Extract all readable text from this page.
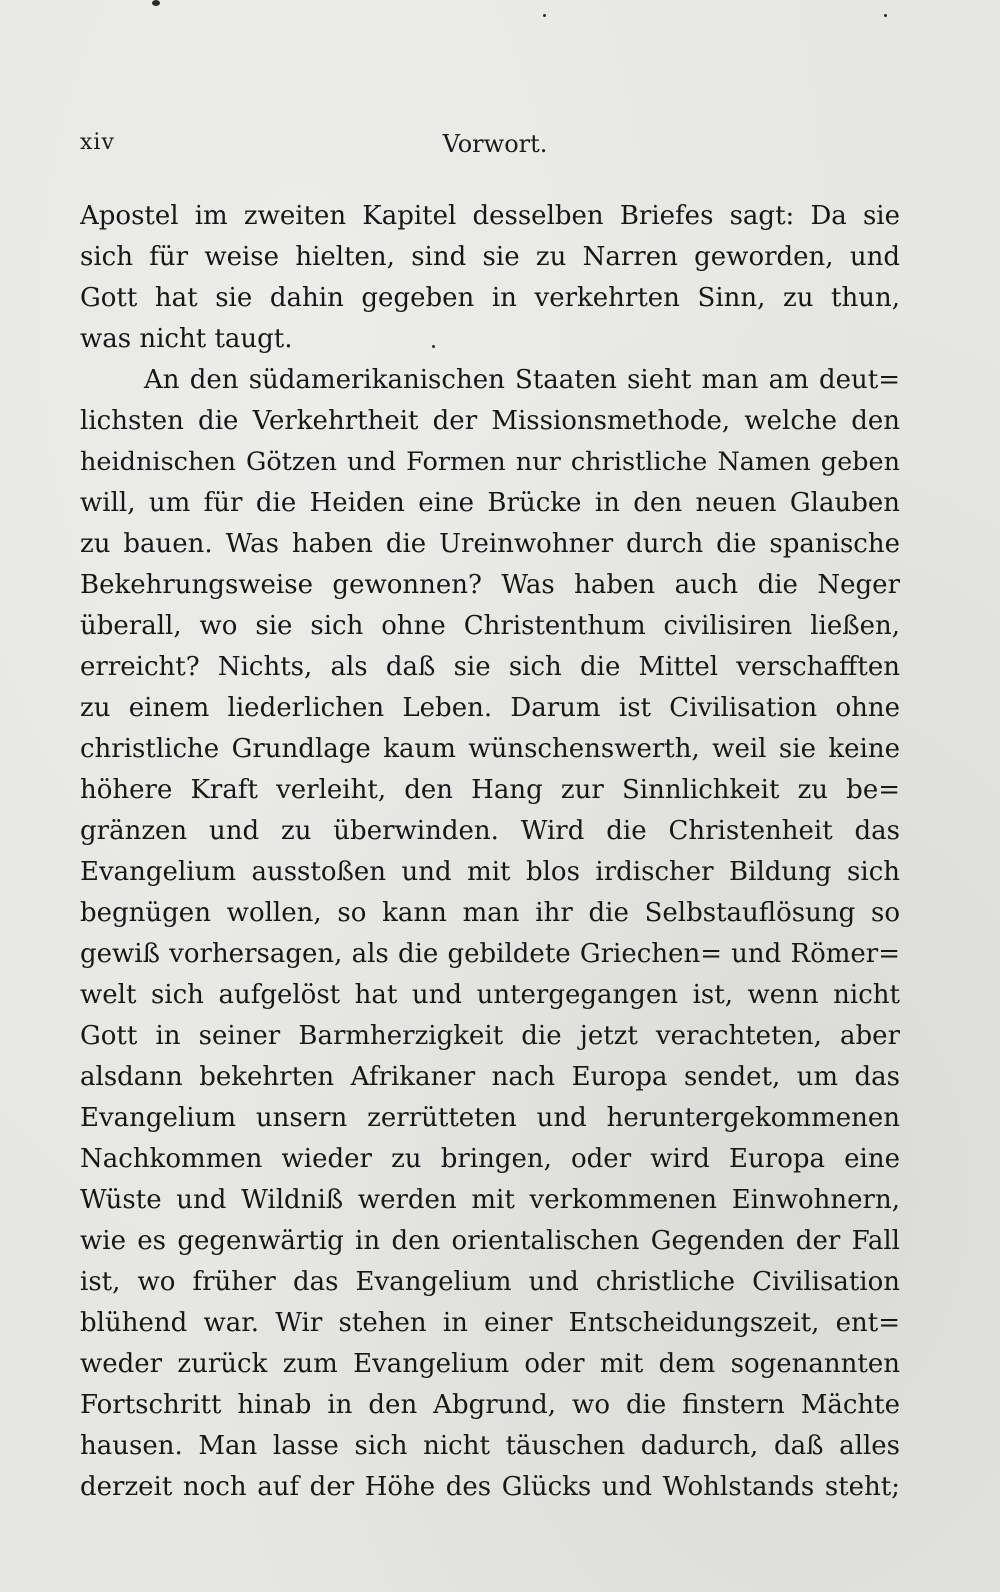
xiv	Vorwort.
Apostel im zweiten Kapitel desselben Briefes sagt: Da sie
sich für weise hielten, sind sie zu Narren geworden, und
Gott hat sie dahin gegeben in verkehrten Sinn, zu thun,
was nicht taugt.
An den südamerikanischen Staaten sieht man am deut=
lichsten die Verkehrtheit der Missionsmethode, welche den
heidnischen Götzen und Formen nur christliche Namen geben
will, um für die Heiden eine Brücke in den neuen Glauben
zu bauen. Was haben die Ureinwohner durch die spanische
Bekehrungsweise gewonnen? Was haben auch die Neger
überall, wo sie sich ohne Christenthum civilisiren ließen,
erreicht? Nichts, als daß sie sich die Mittel verschafften
zu einem liederlichen Leben. Darum ist Civilisation ohne
christliche Grundlage kaum wünschenswerth, weil sie keine
höhere Kraft verleiht, den Hang zur Sinnlichkeit zu be=
gränzen und zu überwinden. Wird die Christenheit das
Evangelium ausstoßen und mit blos irdischer Bildung sich
begnügen wollen, so kann man ihr die Selbstauflösung so
gewiß vorhersagen, als die gebildete Griechen= und Römer=
welt sich aufgelöst hat und untergegangen ist, wenn nicht
Gott in seiner Barmherzigkeit die jetzt verachteten, aber
alsdann bekehrten Afrikaner nach Europa sendet, um das
Evangelium unsern zerrütteten und heruntergekommenen
Nachkommen wieder zu bringen, oder wird Europa eine
Wüste und Wildniß werden mit verkommenen Einwohnern,
wie es gegenwärtig in den orientalischen Gegenden der Fall
ist, wo früher das Evangelium und christliche Civilisation
blühend war. Wir stehen in einer Entscheidungszeit, ent=
weder zurück zum Evangelium oder mit dem sogenannten
Fortschritt hinab in den Abgrund, wo die finstern Mächte
hausen. Man lasse sich nicht täuschen dadurch, daß alles
derzeit noch auf der Höhe des Glücks und Wohlstands steht;
